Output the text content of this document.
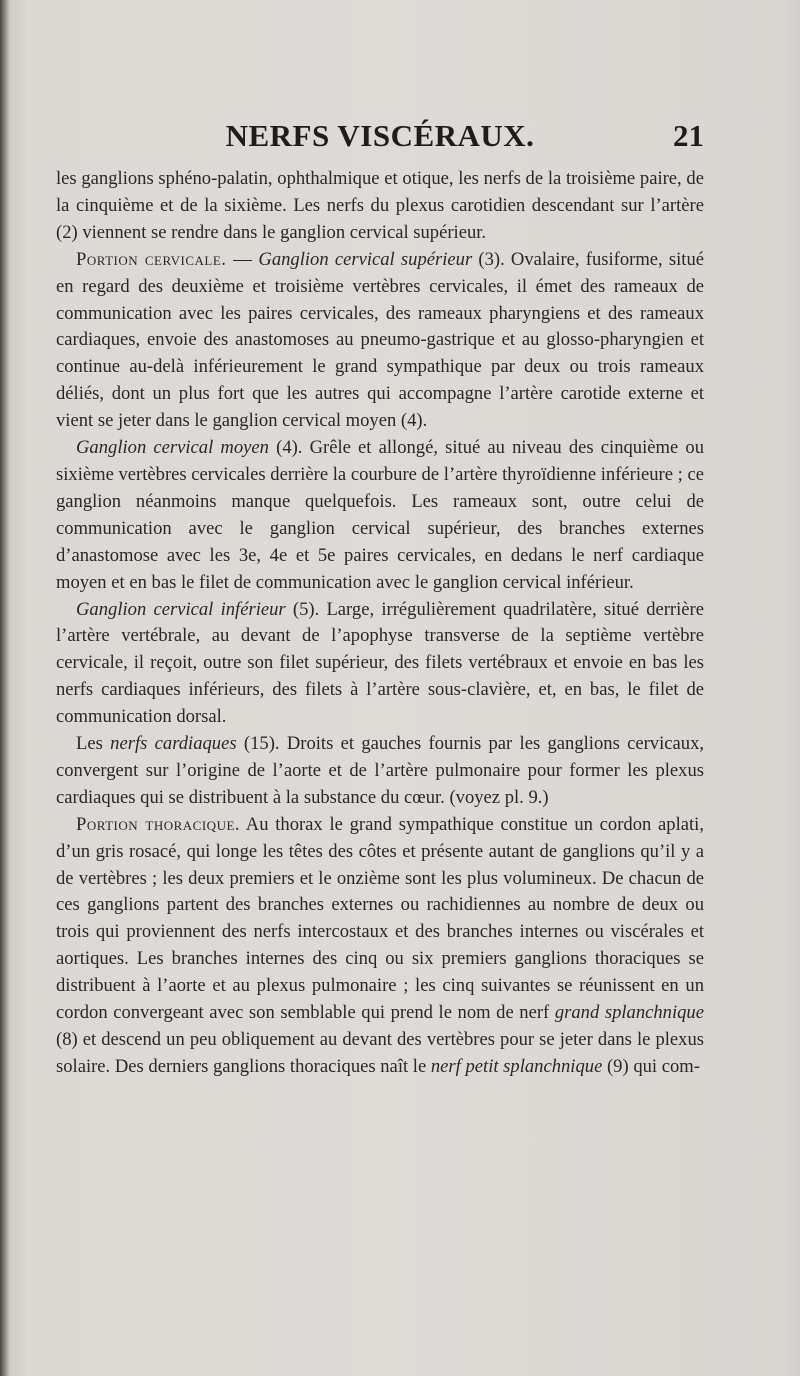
NERFS VISCÉRAUX.	21

les ganglions sphéno-palatin, ophthalmique et otique, les nerfs de la troisième paire, de la cinquième et de la sixième. Les nerfs du plexus carotidien descendant sur l’artère (2) viennent se rendre dans le ganglion cervical supérieur.

Portion cervicale. — Ganglion cervical supérieur (3). Ovalaire, fusiforme, situé en regard des deuxième et troisième vertèbres cervicales, il émet des rameaux de communication avec les paires cervicales, des rameaux pharyngiens et des rameaux cardiaques, envoie des anastomoses au pneumo-gastrique et au glosso-pharyngien et continue au-delà inférieurement le grand sympathique par deux ou trois rameaux déliés, dont un plus fort que les autres qui accompagne l’artère carotide externe et vient se jeter dans le ganglion cervical moyen (4).

Ganglion cervical moyen (4). Grêle et allongé, situé au niveau des cinquième ou sixième vertèbres cervicales derrière la courbure de l’artère thyroïdienne inférieure ; ce ganglion néanmoins manque quelquefois. Les rameaux sont, outre celui de communication avec le ganglion cervical supérieur, des branches externes d’anastomose avec les 3e, 4e et 5e paires cervicales, en dedans le nerf cardiaque moyen et en bas le filet de communication avec le ganglion cervical inférieur.

Ganglion cervical inférieur (5). Large, irrégulièrement quadrilatère, situé derrière l’artère vertébrale, au devant de l’apophyse transverse de la septième vertèbre cervicale, il reçoit, outre son filet supérieur, des filets vertébraux et envoie en bas les nerfs cardiaques inférieurs, des filets à l’artère sous-clavière, et, en bas, le filet de communication dorsal.

Les nerfs cardiaques (15). Droits et gauches fournis par les ganglions cervicaux, convergent sur l’origine de l’aorte et de l’artère pulmonaire pour former les plexus cardiaques qui se distribuent à la substance du cœur. (voyez pl. 9.)

Portion thoracique. Au thorax le grand sympathique constitue un cordon aplati, d’un gris rosacé, qui longe les têtes des côtes et présente autant de ganglions qu’il y a de vertèbres ; les deux premiers et le onzième sont les plus volumineux. De chacun de ces ganglions partent des branches externes ou rachidiennes au nombre de deux ou trois qui proviennent des nerfs intercostaux et des branches internes ou viscérales et aortiques. Les branches internes des cinq ou six premiers ganglions thoraciques se distribuent à l’aorte et au plexus pulmonaire ; les cinq suivantes se réunissent en un cordon convergeant avec son semblable qui prend le nom de nerf grand splanchnique (8) et descend un peu obliquement au devant des vertèbres pour se jeter dans le plexus solaire. Des derniers ganglions thoraciques naît le nerf petit splanchnique (9) qui com-
